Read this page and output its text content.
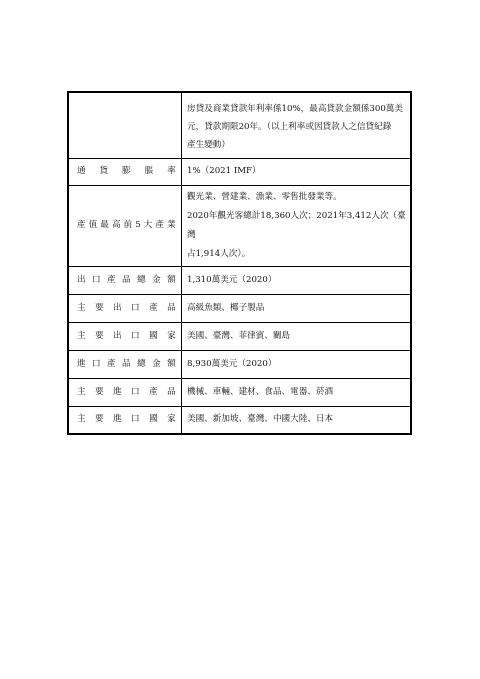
	房貸及商業貸款年利率係10%，最高貸款金額係300萬美
元，貸款期限20年。（以上利率或因貸款人之信貸紀錄
產生變動）

通貨膨脹率	1%（2021 IMF）

產值最高前5大產業	觀光業、營建業、漁業、零售批發業等。
2020年觀光客總計18,360人次；2021年3,412人次（臺灣
占1,914人次）。

出口產品總金額	1,310萬美元（2020）

主要出口產品	高級魚類、椰子製品

主要出口國家	美國、臺灣、菲律賓、關島

進口產品總金額	8,930萬美元（2020）

主要進口產品	機械、車輛、建材、食品、電器、菸酒

主要進口國家	美國、新加坡、臺灣、中國大陸、日本
